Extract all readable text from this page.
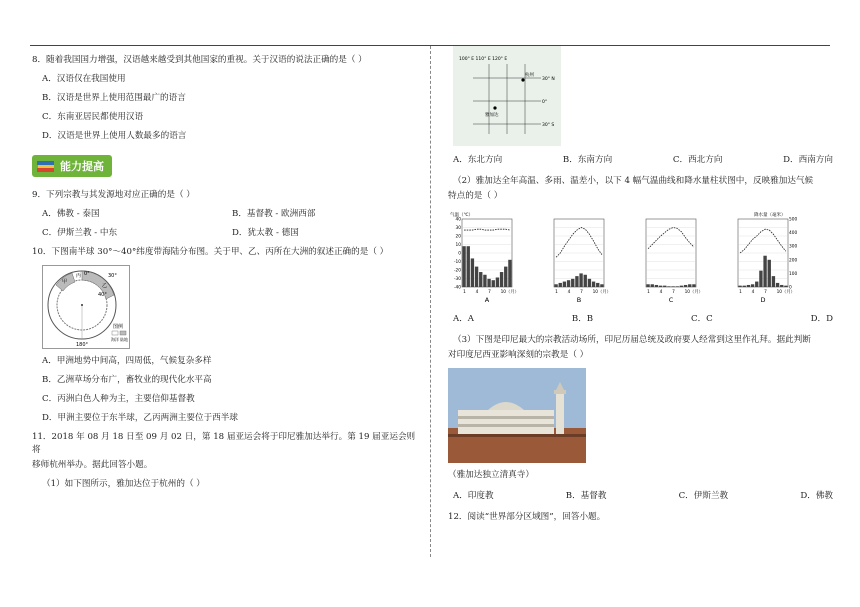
8．随着我国国力增强，汉语越来越受到其他国家的重视。关于汉语的说法正确的是（ ）
A．汉语仅在我国使用
B．汉语是世界上使用范围最广的语言
C．东南亚居民都使用汉语
D．汉语是世界上使用人数最多的语言
能力提高
9．下列宗教与其发源地对应正确的是（ ）
A．佛教 - 泰国	B．基督教 - 欧洲西部
C．伊斯兰教 - 中东	D．犹太教 - 德国
10．下图南半球 30°～40°纬度带海陆分布图。关于甲、乙、丙所在大洲的叙述正确的是（ ）
甲
乙
丙	30°
40°
0°
180°
图例
海洋 陆地
A．甲洲地势中间高，四周低，气候复杂多样
B．乙洲草场分布广，畜牧业的现代化水平高
C．丙洲白色人种为主，主要信仰基督教
D．甲洲主要位于东半球，乙丙两洲主要位于西半球
11．2018 年 08 月 18 日至 09 月 02 日，第 18 届亚运会将于印尼雅加达举行。第 19 届亚运会则将
移师杭州举办。据此回答小题。
（1）如下图所示，雅加达位于杭州的（ ）
100° E 110° E 120° E
杭州
雅加达
30° N
0°
30° S
A．东北方向	B．东南方向	C．西北方向	D．西南方向
（2）雅加达全年高温、多雨、温差小，以下 4 幅气温曲线和降水量柱状图中，反映雅加达气候
特点的是（ ）
气温（℃）
40
30
20
10
0
-10
-20
-30
-40
1 4 7 10（月）
A
1 4 7 10（月）
B
1 4 7 10（月）
C
降水量（毫米）
500
400
300
200
100
0
1 4 7 10（月）
D
A．A	B．B	C．C	D．D
（3）下图是印尼最大的宗教活动场所，印尼历届总统及政府要人经常到这里作礼拜。据此判断
对印度尼西亚影响深刻的宗教是（ ）
（雅加达独立清真寺）
A．印度教	B．基督教	C．伊斯兰教	D．佛教
12．阅读“世界部分区域图”，回答小题。
